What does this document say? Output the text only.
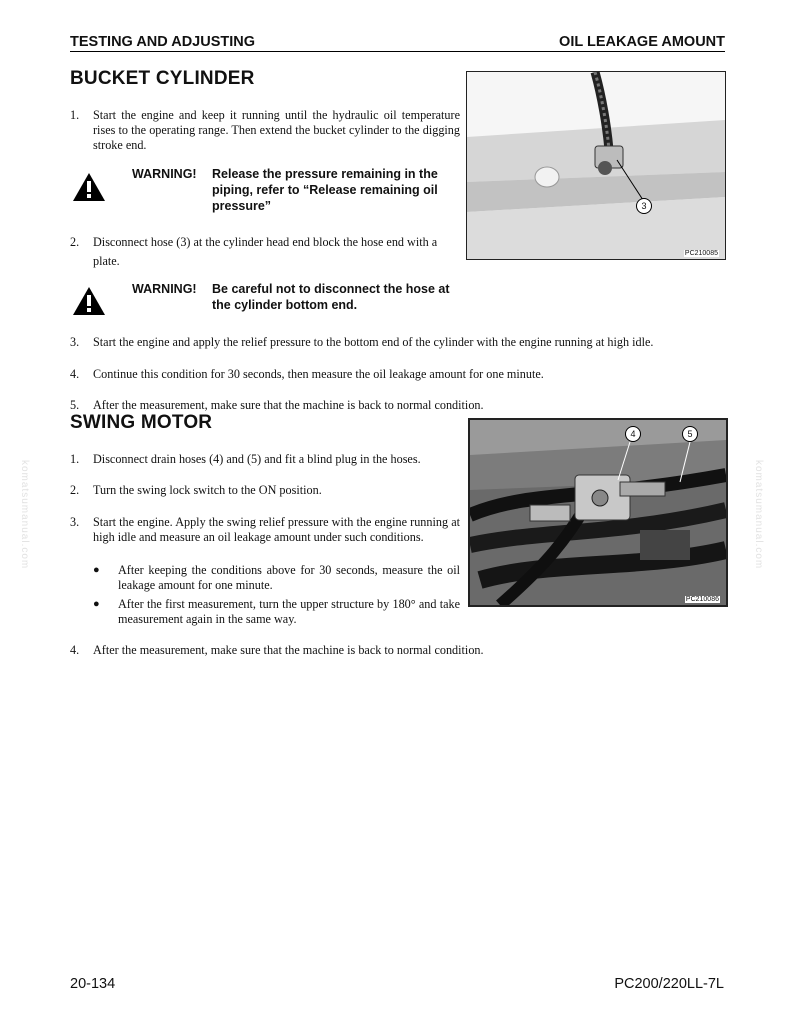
TESTING AND ADJUSTING	OIL LEAKAGE AMOUNT
BUCKET CYLINDER
1. Start the engine and keep it running until the hydraulic oil temperature rises to the operating range. Then extend the bucket cylinder to the digging stroke end.
WARNING! Release the pressure remaining in the piping, refer to “Release remaining oil pressure”
2. Disconnect hose (3) at the cylinder head end block the hose end with a plate.
WARNING! Be careful not to disconnect the hose at the cylinder bottom end.
3. Start the engine and apply the relief pressure to the bottom end of the cylinder with the engine running at high idle.
4. Continue this condition for 30 seconds, then measure the oil leakage amount for one minute.
5. After the measurement, make sure that the machine is back to normal condition.
3
PC210085
SWING MOTOR
1. Disconnect drain hoses (4) and (5) and fit a blind plug in the hoses.
2. Turn the swing lock switch to the ON position.
3. Start the engine. Apply the swing relief pressure with the engine running at high idle and measure an oil leakage amount under such conditions.
● After keeping the conditions above for 30 seconds, measure the oil leakage amount for one minute.
● After the first measurement, turn the upper structure by 180° and take measurement again in the same way.
4. After the measurement, make sure that the machine is back to normal condition.
4	5
PC210086
komatsumanual.com	komatsumanual.com
20-134	PC200/220LL-7L
